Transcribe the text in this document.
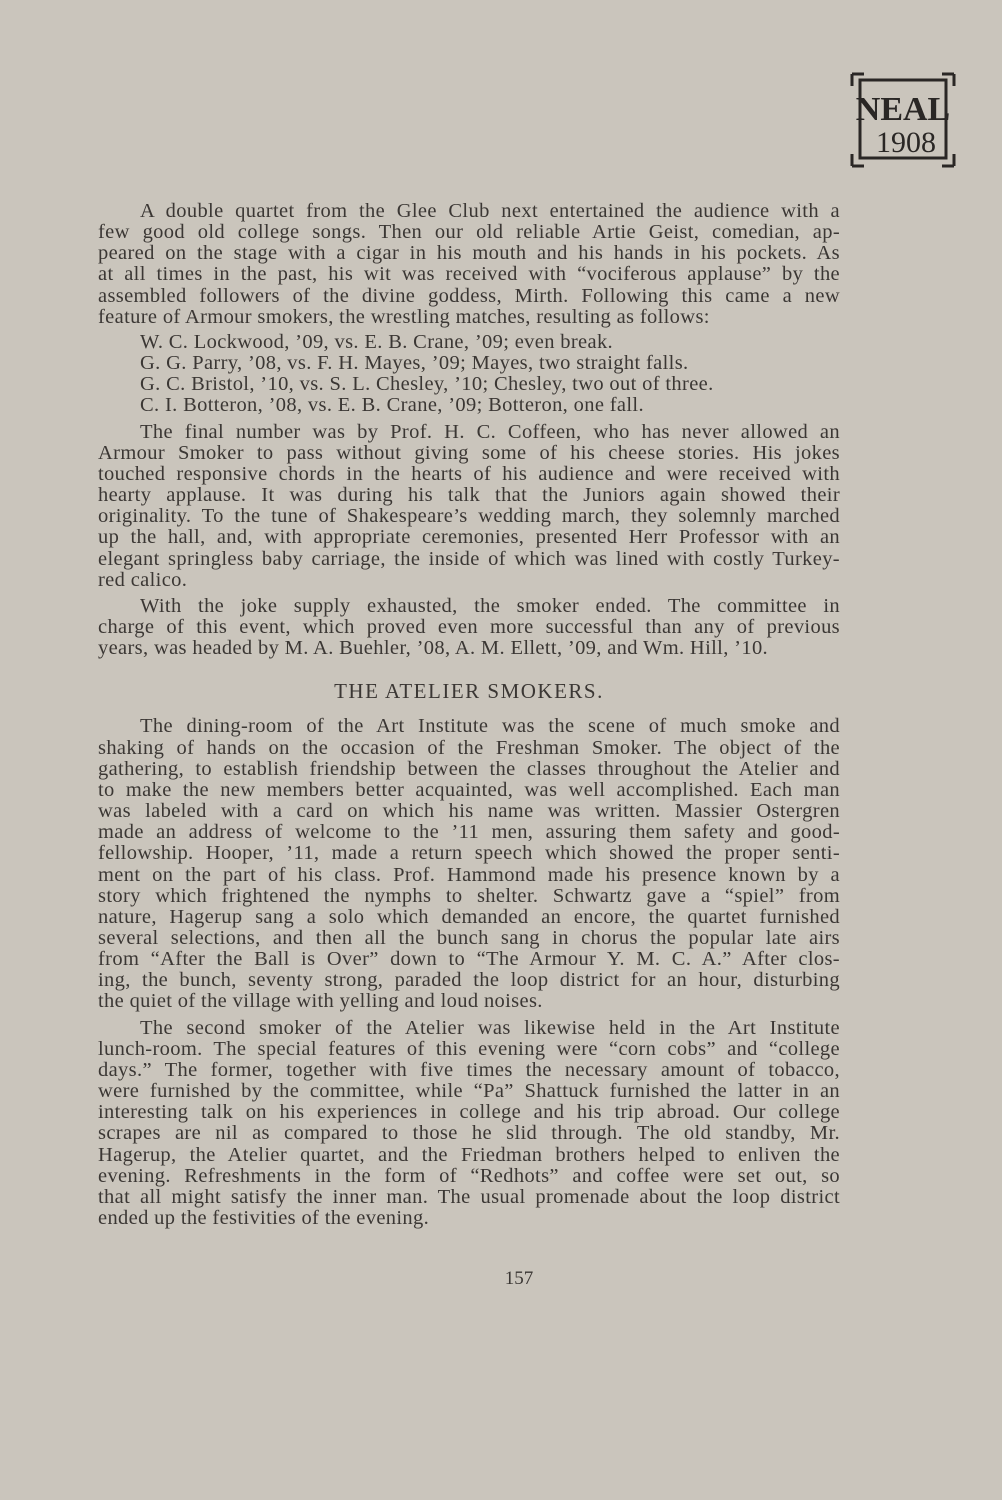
NEAL
1908
A double quartet from the Glee Club next entertained the audience with a
few good old college songs. Then our old reliable Artie Geist, comedian, ap-
peared on the stage with a cigar in his mouth and his hands in his pockets. As
at all times in the past, his wit was received with “vociferous applause” by the
assembled followers of the divine goddess, Mirth. Following this came a new
feature of Armour smokers, the wrestling matches, resulting as follows:
W. C. Lockwood, ’09, vs. E. B. Crane, ’09; even break.
G. G. Parry, ’08, vs. F. H. Mayes, ’09; Mayes, two straight falls.
G. C. Bristol, ’10, vs. S. L. Chesley, ’10; Chesley, two out of three.
C. I. Botteron, ’08, vs. E. B. Crane, ’09; Botteron, one fall.
The final number was by Prof. H. C. Coffeen, who has never allowed an
Armour Smoker to pass without giving some of his cheese stories. His jokes
touched responsive chords in the hearts of his audience and were received with
hearty applause. It was during his talk that the Juniors again showed their
originality. To the tune of Shakespeare’s wedding march, they solemnly marched
up the hall, and, with appropriate ceremonies, presented Herr Professor with an
elegant springless baby carriage, the inside of which was lined with costly Turkey-
red calico.
With the joke supply exhausted, the smoker ended. The committee in
charge of this event, which proved even more successful than any of previous
years, was headed by M. A. Buehler, ’08, A. M. Ellett, ’09, and Wm. Hill, ’10.
THE ATELIER SMOKERS.
The dining-room of the Art Institute was the scene of much smoke and
shaking of hands on the occasion of the Freshman Smoker. The object of the
gathering, to establish friendship between the classes throughout the Atelier and
to make the new members better acquainted, was well accomplished. Each man
was labeled with a card on which his name was written. Massier Ostergren
made an address of welcome to the ’11 men, assuring them safety and good-
fellowship. Hooper, ’11, made a return speech which showed the proper senti-
ment on the part of his class. Prof. Hammond made his presence known by a
story which frightened the nymphs to shelter. Schwartz gave a “spiel” from
nature, Hagerup sang a solo which demanded an encore, the quartet furnished
several selections, and then all the bunch sang in chorus the popular late airs
from “After the Ball is Over” down to “The Armour Y. M. C. A.” After clos-
ing, the bunch, seventy strong, paraded the loop district for an hour, disturbing
the quiet of the village with yelling and loud noises.
The second smoker of the Atelier was likewise held in the Art Institute
lunch-room. The special features of this evening were “corn cobs” and “college
days.” The former, together with five times the necessary amount of tobacco,
were furnished by the committee, while “Pa” Shattuck furnished the latter in an
interesting talk on his experiences in college and his trip abroad. Our college
scrapes are nil as compared to those he slid through. The old standby, Mr.
Hagerup, the Atelier quartet, and the Friedman brothers helped to enliven the
evening. Refreshments in the form of “Redhots” and coffee were set out, so
that all might satisfy the inner man. The usual promenade about the loop district
ended up the festivities of the evening.
157
